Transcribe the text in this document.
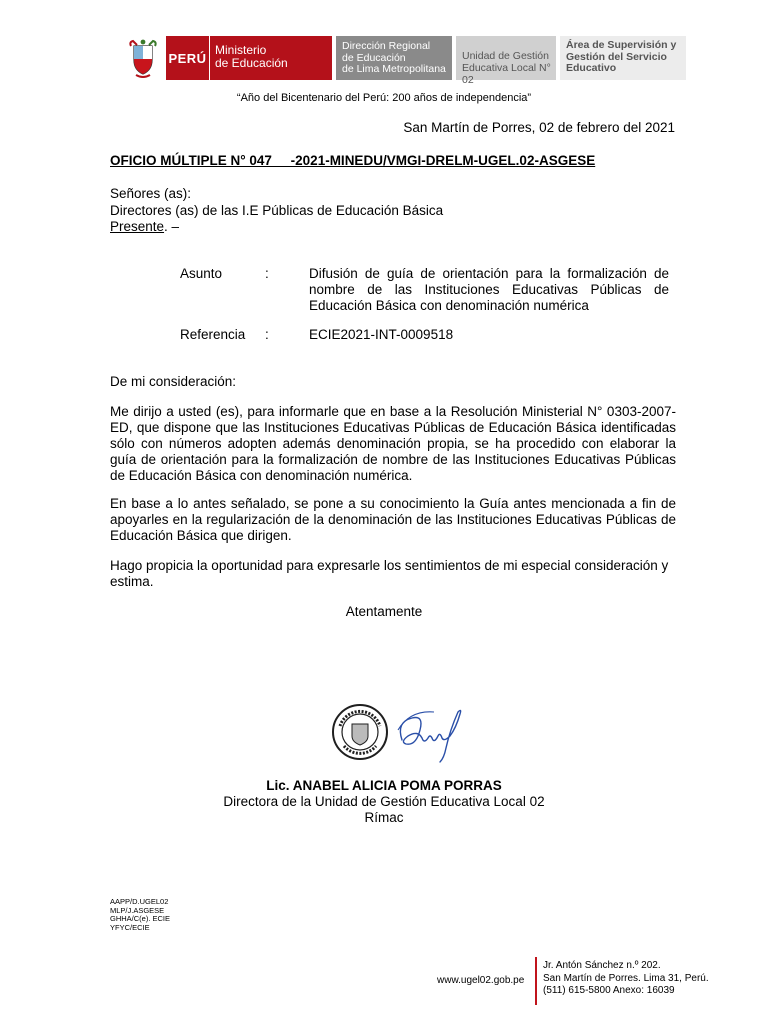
PERÚ
Ministerio
de Educación
Dirección Regional
de Educación
de Lima Metropolitana
Unidad de Gestión
Educativa Local N° 02
Área de Supervisión y
Gestión del Servicio
Educativo
“Año del Bicentenario del Perú: 200 años de independencia”
San Martín de Porres, 02 de febrero del 2021
OFICIO MÚLTIPLE N° 047     -2021-MINEDU/VMGI-DRELM-UGEL.02-ASGESE
Señores (as):
Directores (as) de las I.E Públicas de Educación Básica
Presente. –
Asunto	:	Difusión de guía de orientación para la formalización de nombre de las Instituciones Educativas Públicas de Educación Básica con denominación numérica
Referencia :	ECIE2021-INT-0009518
De mi consideración:
Me dirijo a usted (es), para informarle que en base a la Resolución Ministerial N° 0303-2007-ED, que dispone que las Instituciones Educativas Públicas de Educación Básica identificadas sólo con números adopten además denominación propia, se ha procedido con elaborar la guía de orientación para la formalización de nombre de las Instituciones Educativas Públicas de Educación Básica con denominación numérica.
En base a lo antes señalado, se pone a su conocimiento la Guía antes mencionada a fin de apoyarles en la regularización de la denominación de las Instituciones Educativas Públicas de Educación Básica que dirigen.
Hago propicia la oportunidad para expresarle los sentimientos de mi especial consideración y estima.
Atentamente
Lic. ANABEL ALICIA POMA PORRAS
Directora de la Unidad de Gestión Educativa Local 02
Rímac
AAPP/D.UGEL02
MLP/J.ASGESE
GHHA/C(e). ECIE
YFYC/ECIE
www.ugel02.gob.pe
Jr. Antón Sánchez n.º 202.
San Martín de Porres. Lima 31, Perú.
(511) 615-5800 Anexo: 16039
